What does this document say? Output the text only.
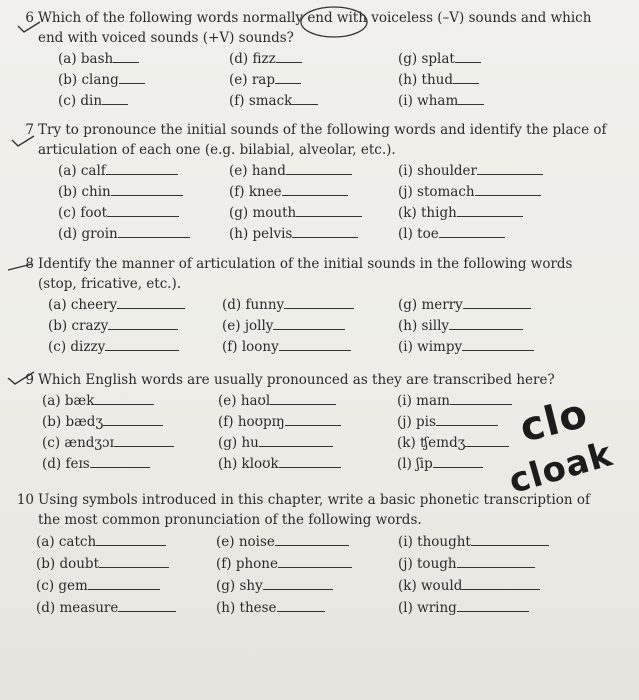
6 Which of the following words normally end with voiceless (–V) sounds and which
end with voiced sounds (+V) sounds?
(a) bash
(b) clang
(c) din
(d) fizz
(e) rap
(f) smack
(g) splat
(h) thud
(i) wham
7 Try to pronounce the initial sounds of the following words and identify the place of
articulation of each one (e.g. bilabial, alveolar, etc.).
(a) calf
(b) chin
(c) foot
(d) groin
(e) hand
(f) knee
(g) mouth
(h) pelvis
(i) shoulder
(j) stomach
(k) thigh
(l) toe
8 Identify the manner of articulation of the initial sounds in the following words
(stop, fricative, etc.).
(a) cheery
(b) crazy
(c) dizzy
(d) funny
(e) jolly
(f) loony
(g) merry
(h) silly
(i) wimpy
9 Which English words are usually pronounced as they are transcribed here?
(a) bæk
(b) bædʒ
(c) ændʒɔɪ
(d) feɪs
(e) haʊl
(f) hoʊpɪŋ
(g) hu
(h) kloʊk
(i) maɪn
(j) pis
(k) ʧeɪndʒ
(l) ʃip
clo
cloak
10 Using symbols introduced in this chapter, write a basic phonetic transcription of
the most common pronunciation of the following words.
(a) catch
(b) doubt
(c) gem
(d) measure
(e) noise
(f) phone
(g) shy
(h) these
(i) thought
(j) tough
(k) would
(l) wring
